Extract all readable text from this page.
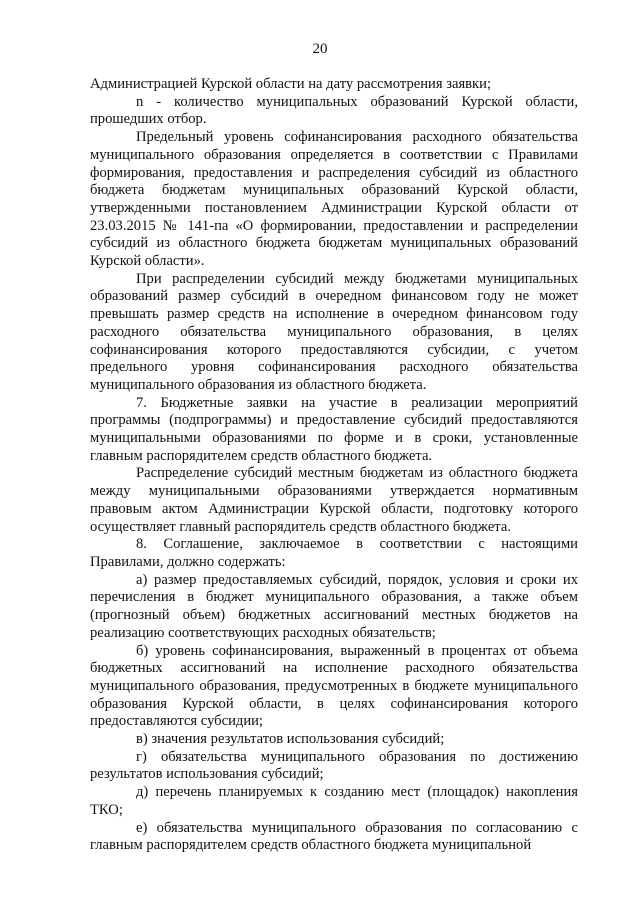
20

Администрацией Курской области на дату рассмотрения заявки;

n - количество муниципальных образований Курской области, прошедших отбор.

Предельный уровень софинансирования расходного обязательства муниципального образования определяется в соответствии с Правилами формирования, предоставления и распределения субсидий из областного бюджета бюджетам муниципальных образований Курской области, утвержденными постановлением Администрации Курской области от 23.03.2015 № 141-па «О формировании, предоставлении и распределении субсидий из областного бюджета бюджетам муниципальных образований Курской области».

При распределении субсидий между бюджетами муниципальных образований размер субсидий в очередном финансовом году не может превышать размер средств на исполнение в очередном финансовом году расходного обязательства муниципального образования, в целях софинансирования которого предоставляются субсидии, с учетом предельного уровня софинансирования расходного обязательства муниципального образования из областного бюджета.

7. Бюджетные заявки на участие в реализации мероприятий программы (подпрограммы) и предоставление субсидий предоставляются муниципальными образованиями по форме и в сроки, установленные главным распорядителем средств областного бюджета.

Распределение субсидий местным бюджетам из областного бюджета между муниципальными образованиями утверждается нормативным правовым актом Администрации Курской области, подготовку которого осуществляет главный распорядитель средств областного бюджета.

8. Соглашение, заключаемое в соответствии с настоящими Правилами, должно содержать:

а) размер предоставляемых субсидий, порядок, условия и сроки их перечисления в бюджет муниципального образования, а также объем (прогнозный объем) бюджетных ассигнований местных бюджетов на реализацию соответствующих расходных обязательств;

б) уровень софинансирования, выраженный в процентах от объема бюджетных ассигнований на исполнение расходного обязательства муниципального образования, предусмотренных в бюджете муниципального образования Курской области, в целях софинансирования которого предоставляются субсидии;

в) значения результатов использования субсидий;

г) обязательства муниципального образования по достижению результатов использования субсидий;

д) перечень планируемых к созданию мест (площадок) накопления ТКО;

е) обязательства муниципального образования по согласованию с главным распорядителем средств областного бюджета муниципальной
